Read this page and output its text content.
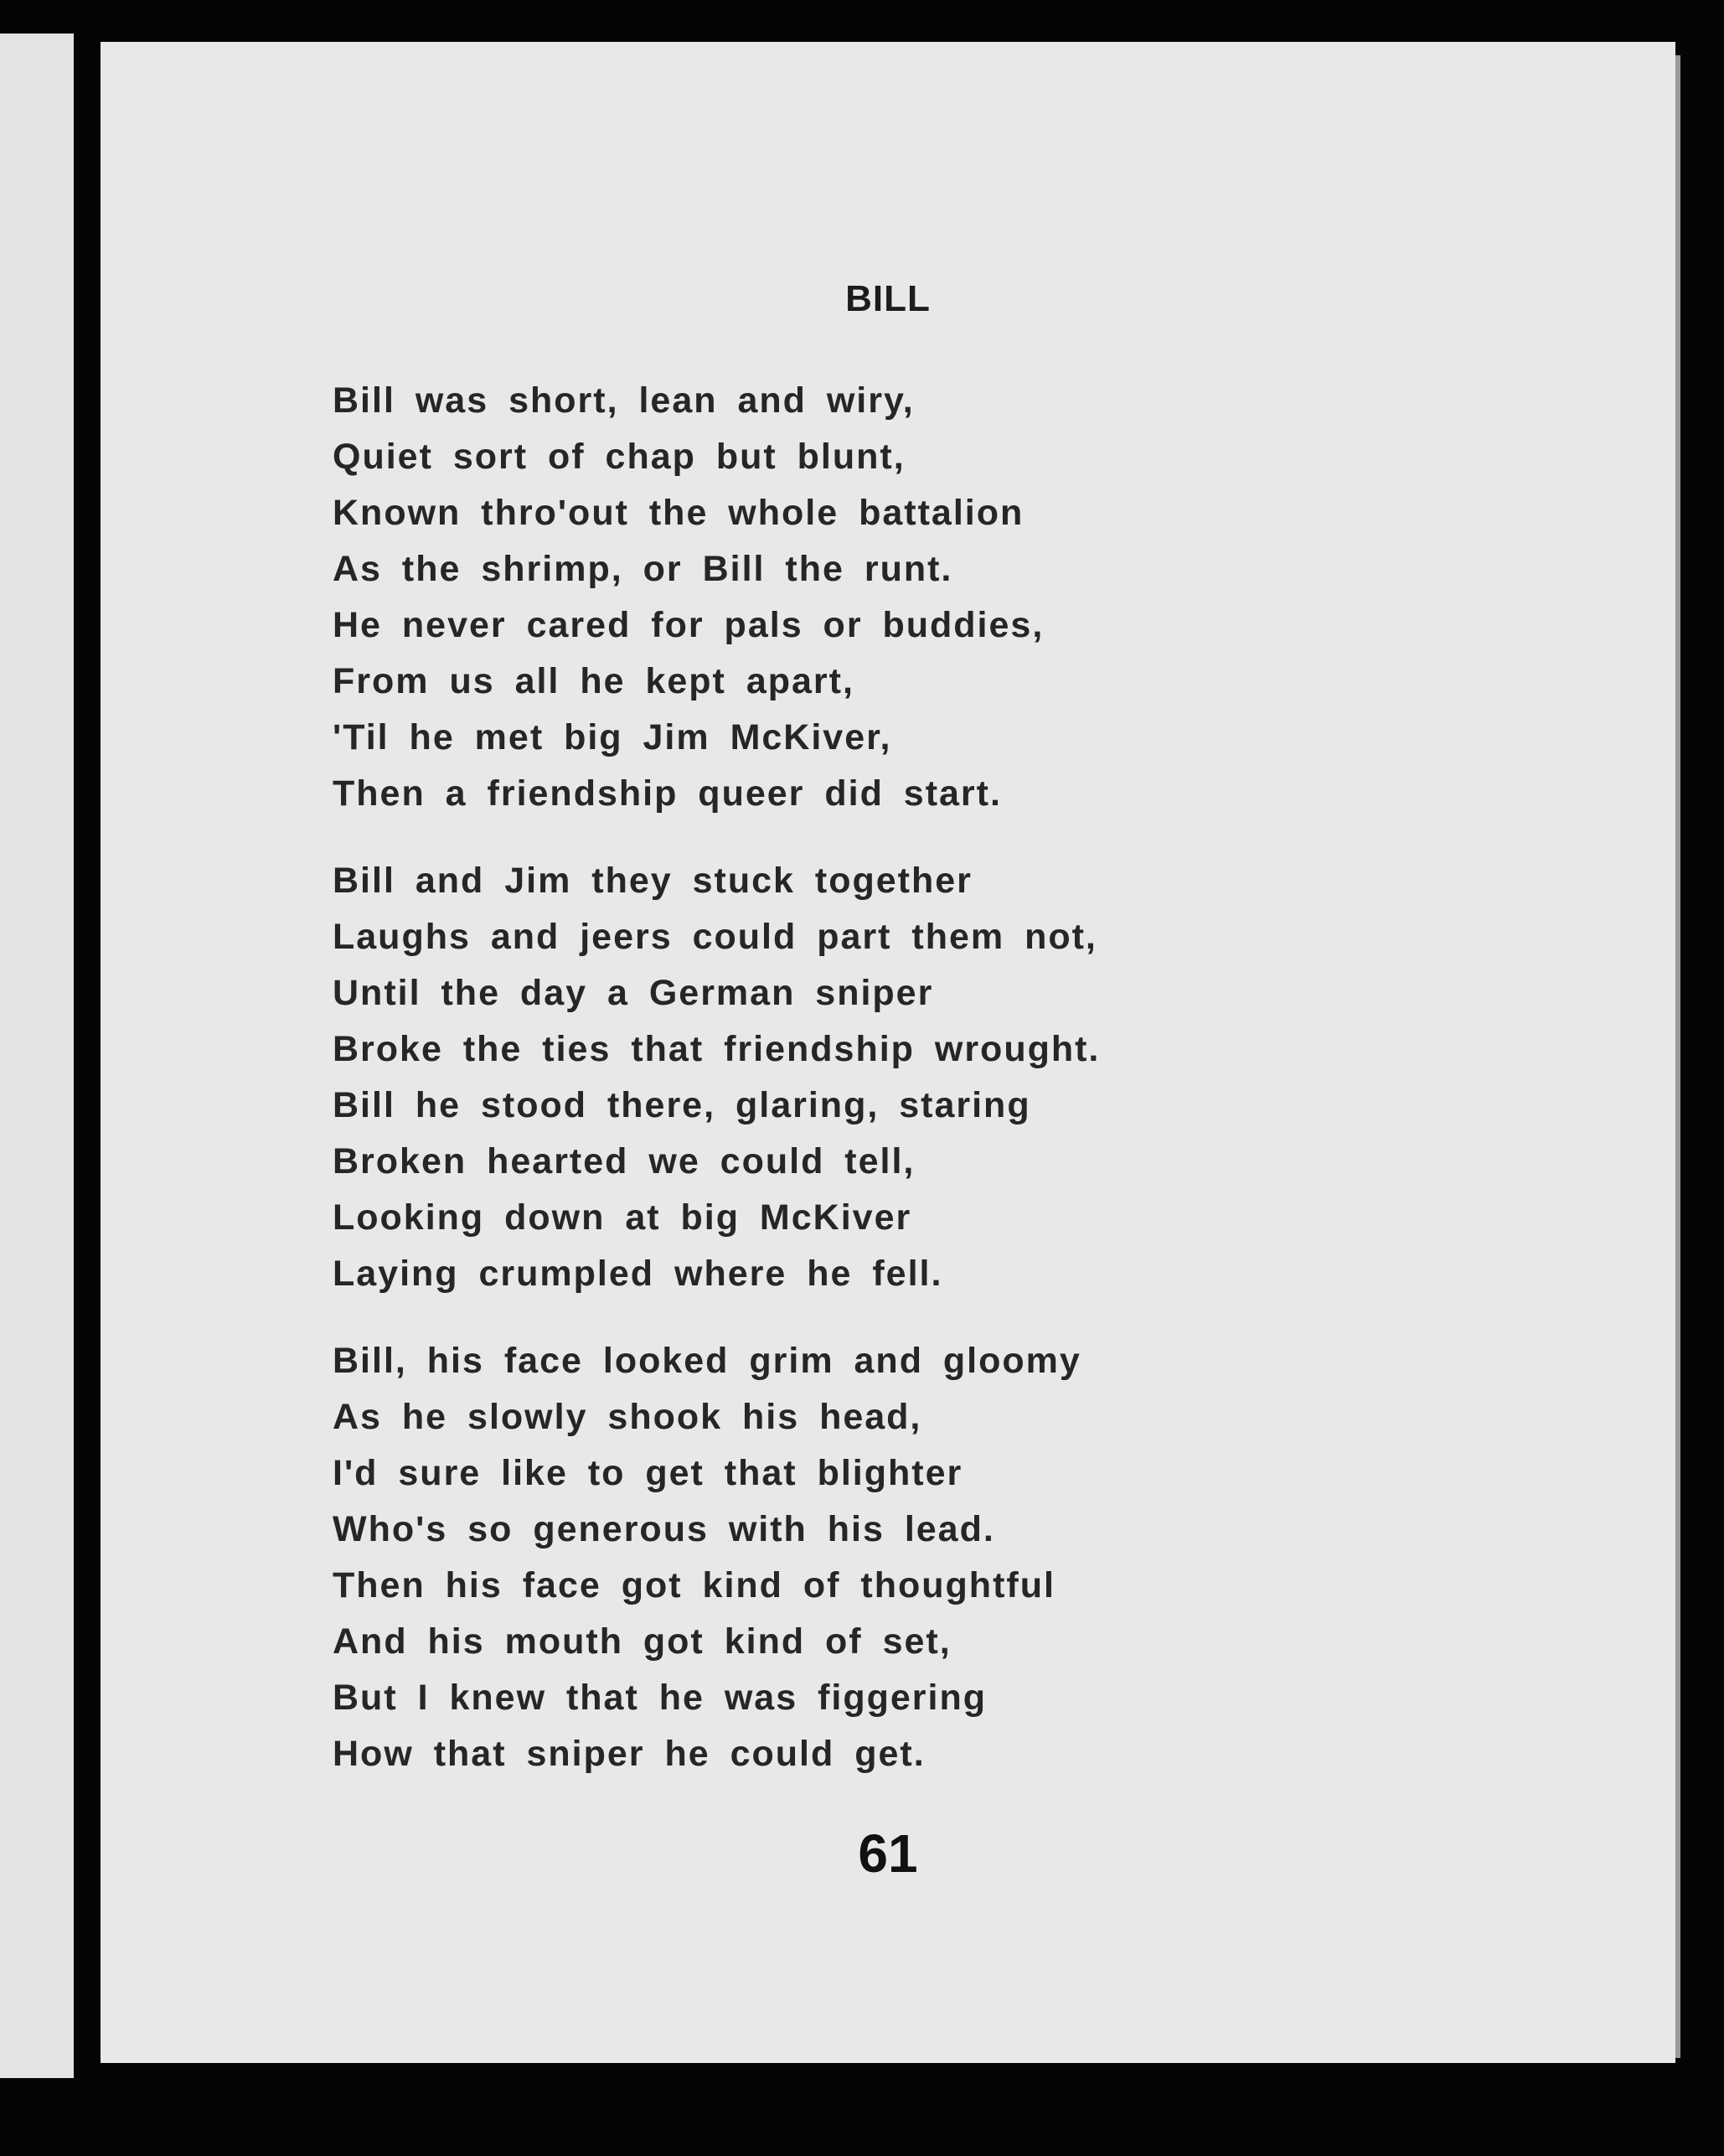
BILL
Bill was short, lean and wiry,
Quiet sort of chap but blunt,
Known thro'out the whole battalion
As the shrimp, or Bill the runt.
He never cared for pals or buddies,
From us all he kept apart,
'Til he met big Jim McKiver,
Then a friendship queer did start.
Bill and Jim they stuck together
Laughs and jeers could part them not,
Until the day a German sniper
Broke the ties that friendship wrought.
Bill he stood there, glaring, staring
Broken hearted we could tell,
Looking down at big McKiver
Laying crumpled where he fell.
Bill, his face looked grim and gloomy
As he slowly shook his head,
I'd sure like to get that blighter
Who's so generous with his lead.
Then his face got kind of thoughtful
And his mouth got kind of set,
But I knew that he was figgering
How that sniper he could get.
61
